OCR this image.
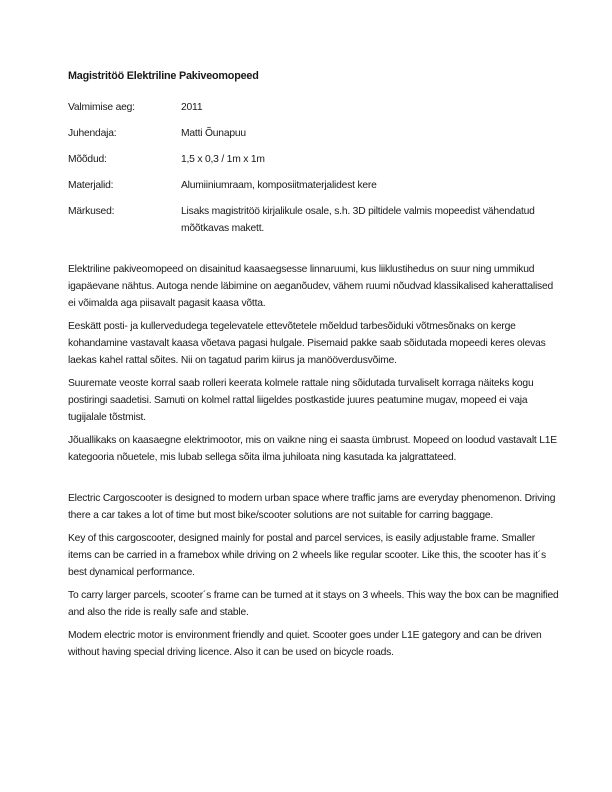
Magistritöö Elektriline Pakiveomopeed
Valmimise aeg:	2011
Juhendaja:	Matti Õunapuu
Mõõdud:	1,5 x 0,3 / 1m x 1m
Materjalid:	Alumiiniumraam, komposiitmaterjalidest kere
Märkused:	Lisaks magistritöö kirjalikule osale, s.h. 3D piltidele valmis mopeedist vähendatud mõõtkavas makett.

Elektriline pakiveomopeed on disainitud kaasaegsesse linnaruumi, kus liiklustihedus on suur ning ummikud igapäevane nähtus. Autoga nende läbimine on aeganõudev, vähem ruumi nõudvad klassikalised kaherattalised ei võimalda aga piisavalt pagasit kaasa võtta.

Eeskätt posti- ja kullervedudega tegelevatele ettevõtetele mõeldud tarbesõiduki võtmesõnaks on kerge kohandamine vastavalt kaasa võetava pagasi hulgale. Pisemaid pakke saab sõidutada mopeedi keres olevas laekas kahel rattal sõites. Nii on tagatud parim kiirus ja manööverdusvõime.

Suuremate veoste korral saab rolleri keerata kolmele rattale ning sõidutada turvaliselt korraga näiteks kogu postiringi saadetisi. Samuti on kolmel rattal liigeldes postkastide juures peatumine mugav, mopeed ei vaja tugijalale tõstmist.

Jõuallikaks on kaasaegne elektrimootor, mis on vaikne ning ei saasta ümbrust. Mopeed on loodud vastavalt L1E kategooria nõuetele, mis lubab sellega sõita ilma juhiloata ning kasutada ka jalgrattateed.

Electric Cargoscooter is designed to modern urban space where traffic jams are everyday phenomenon. Driving there a car takes a lot of time but most bike/scooter solutions are not suitable for carring baggage.

Key of this cargoscooter, designed mainly for postal and parcel services, is easily adjustable frame. Smaller items can be carried in a framebox while driving on 2 wheels like regular scooter. Like this, the scooter has it´s best dynamical performance.

To carry larger parcels, scooter´s frame can be turned at it stays on 3 wheels. This way the box can be magnified and also the ride is really safe and stable.

Modem electric motor is environment friendly and quiet. Scooter goes under L1E gategory and can be driven without having special driving licence. Also it can be used on bicycle roads.
